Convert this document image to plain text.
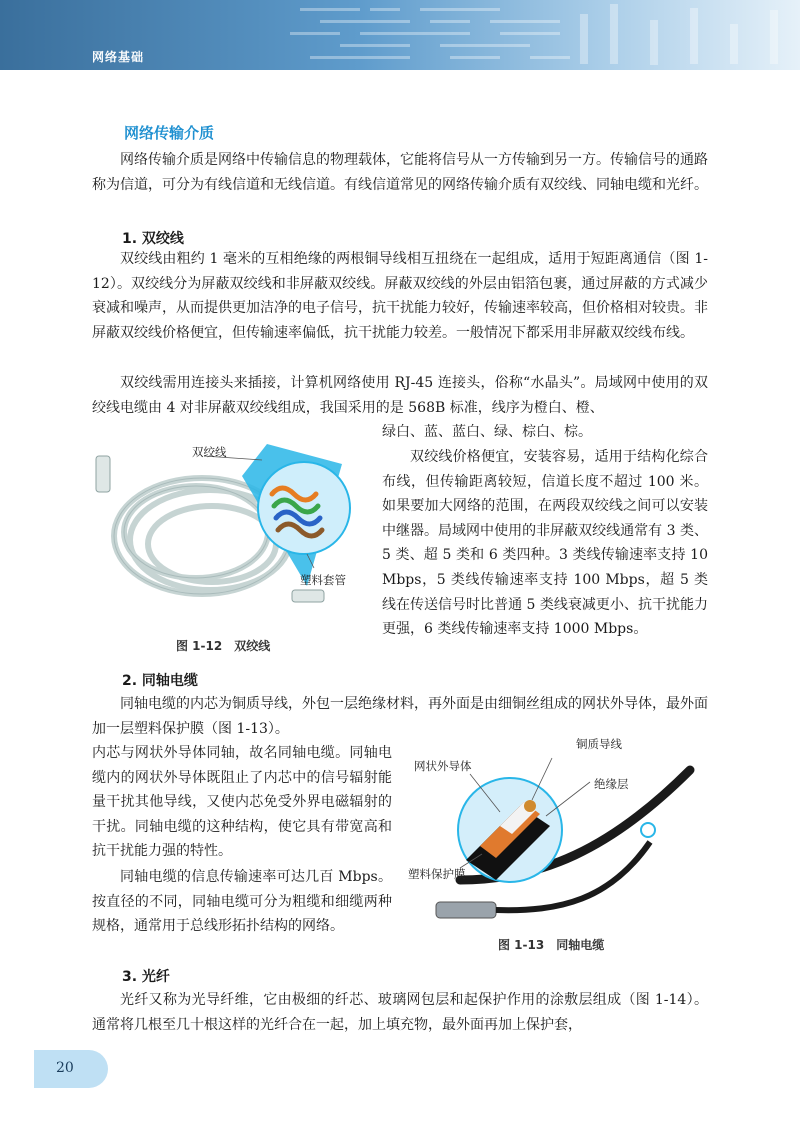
网络基础
网络传输介质

网络传输介质是网络中传输信息的物理载体，它能将信号从一方传输到另一方。传输信号的通路称为信道，可分为有线信道和无线信道。有线信道常见的网络传输介质有双绞线、同轴电缆和光纤。

1. 双绞线

双绞线由粗约 1 毫米的互相绝缘的两根铜导线相互扭绕在一起组成，适用于短距离通信（图 1-12）。双绞线分为屏蔽双绞线和非屏蔽双绞线。屏蔽双绞线的外层由铝箔包裹，通过屏蔽的方式减少衰减和噪声，从而提供更加洁净的电子信号，抗干扰能力较好，传输速率较高，但价格相对较贵。非屏蔽双绞线价格便宜，但传输速率偏低，抗干扰能力较差。一般情况下都采用非屏蔽双绞线布线。

双绞线需用连接头来插接，计算机网络使用 RJ-45 连接头，俗称“水晶头”。局域网中使用的双绞线电缆由 4 对非屏蔽双绞线组成，我国采用的是 568B 标准，线序为橙白、橙、

绿白、蓝、蓝白、绿、棕白、棕。

双绞线价格便宜，安装容易，适用于结构化综合布线，但传输距离较短，信道长度不超过 100 米。如果要加大网络的范围，在两段双绞线之间可以安装中继器。局域网中使用的非屏蔽双绞线通常有 3 类、5 类、超 5 类和 6 类四种。3 类线传输速率支持 10 Mbps，5 类线传输速率支持 100 Mbps，超 5 类线在传送信号时比普通 5 类线衰减更小、抗干扰能力更强，6 类线传输速率支持 1000 Mbps。

双绞线
塑料套管
图 1-12　双绞线
2. 同轴电缆

同轴电缆的内芯为铜质导线，外包一层绝缘材料，再外面是由细铜丝组成的网状外导体，最外面加一层塑料保护膜（图 1-13）。

内芯与网状外导体同轴，故名同轴电缆。同轴电缆内的网状外导体既阻止了内芯中的信号辐射能量干扰其他导线，又使内芯免受外界电磁辐射的干扰。同轴电缆的这种结构，使它具有带宽高和抗干扰能力强的特性。

同轴电缆的信息传输速率可达几百 Mbps。按直径的不同，同轴电缆可分为粗缆和细缆两种规格，通常用于总线形拓扑结构的网络。

铜质导线
网状外导体
绝缘层
塑料保护膜
图 1-13　同轴电缆
3. 光纤

光纤又称为光导纤维，它由极细的纤芯、玻璃网包层和起保护作用的涂敷层组成（图 1-14）。通常将几根至几十根这样的光纤合在一起，加上填充物，最外面再加上保护套，

20
